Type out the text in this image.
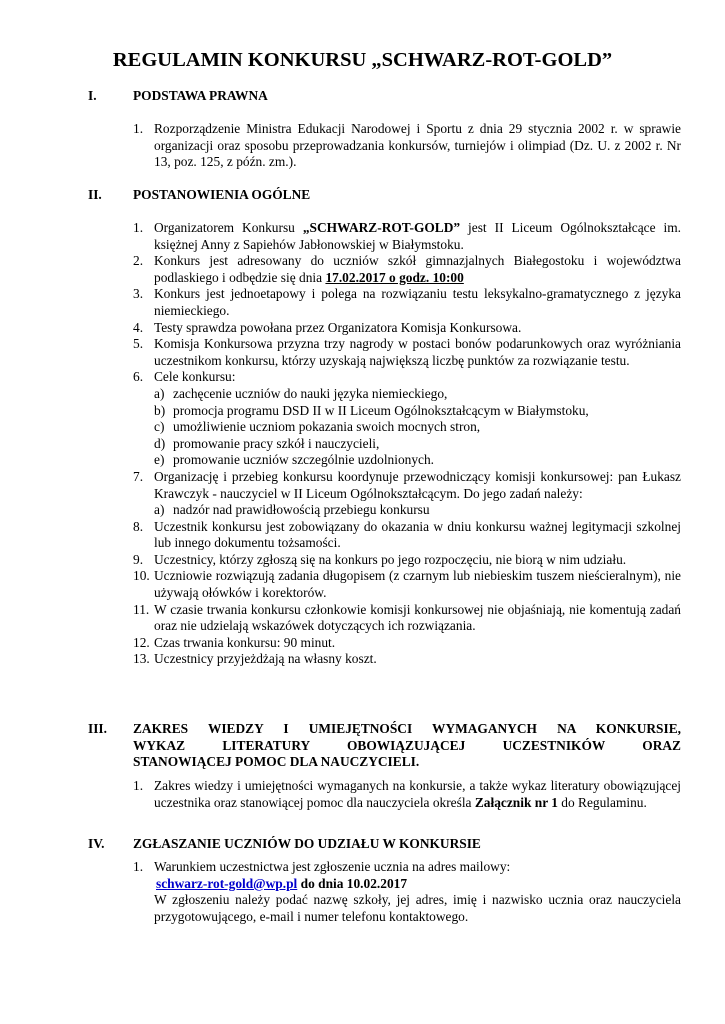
REGULAMIN KONKURSU „SCHWARZ-ROT-GOLD”
I.	PODSTAWA PRAWNA
1. Rozporządzenie Ministra Edukacji Narodowej i Sportu z dnia 29 stycznia 2002 r. w sprawie organizacji oraz sposobu przeprowadzania konkursów, turniejów i olimpiad (Dz. U. z 2002 r. Nr 13, poz. 125, z późn. zm.).
II. POSTANOWIENIA OGÓLNE
1. Organizatorem Konkursu „SCHWARZ-ROT-GOLD” jest II Liceum Ogólnokształcące im. księżnej Anny z Sapiehów Jabłonowskiej w Białymstoku.
2. Konkurs jest adresowany do uczniów szkół gimnazjalnych Białegostoku i województwa podlaskiego i odbędzie się dnia 17.02.2017 o godz. 10:00
3. Konkurs jest jednoetapowy i polega na rozwiązaniu testu leksykalno-gramatycznego z języka niemieckiego.
4. Testy sprawdza powołana przez Organizatora Komisja Konkursowa.
5. Komisja Konkursowa przyzna trzy nagrody w postaci bonów podarunkowych oraz wyróżniania uczestnikom konkursu, którzy uzyskają największą liczbę punktów za rozwiązanie testu.
6. Cele konkursu:
a) zachęcenie uczniów do nauki języka niemieckiego,
b) promocja programu DSD II w II Liceum Ogólnokształcącym w Białymstoku,
c) umożliwienie uczniom pokazania swoich mocnych stron,
d) promowanie pracy szkół i nauczycieli,
e) promowanie uczniów szczególnie uzdolnionych.
7. Organizację i przebieg konkursu koordynuje przewodniczący komisji konkursowej: pan Łukasz Krawczyk - nauczyciel w II Liceum Ogólnokształcącym. Do jego zadań należy:
a) nadzór nad prawidłowością przebiegu konkursu
8. Uczestnik konkursu jest zobowiązany do okazania w dniu konkursu ważnej legitymacji szkolnej lub innego dokumentu tożsamości.
9. Uczestnicy, którzy zgłoszą się na konkurs po jego rozpoczęciu, nie biorą w nim udziału.
10. Uczniowie rozwiązują zadania długopisem (z czarnym lub niebieskim tuszem nieścieralnym), nie używają ołówków i korektorów.
11. W czasie trwania konkursu członkowie komisji konkursowej nie objaśniają, nie komentują zadań oraz nie udzielają wskazówek dotyczących ich rozwiązania.
12. Czas trwania konkursu: 90 minut.
13. Uczestnicy przyjeżdżają na własny koszt.
III. ZAKRES WIEDZY I UMIEJĘTNOŚCI WYMAGANYCH NA KONKURSIE,
WYKAZ LITERATURY OBOWIĄZUJĄCEJ UCZESTNIKÓW ORAZ
STANOWIĄCEJ POMOC DLA NAUCZYCIELI.
1. Zakres wiedzy i umiejętności wymaganych na konkursie, a także wykaz literatury obowiązującej uczestnika oraz stanowiącej pomoc dla nauczyciela określa Załącznik nr 1 do Regulaminu.
IV. ZGŁASZANIE UCZNIÓW DO UDZIAŁU W KONKURSIE
1. Warunkiem uczestnictwa jest zgłoszenie ucznia na adres mailowy:
schwarz-rot-gold@wp.pl do dnia 10.02.2017
W zgłoszeniu należy podać nazwę szkoły, jej adres, imię i nazwisko ucznia oraz nauczyciela przygotowującego, e-mail i numer telefonu kontaktowego.
